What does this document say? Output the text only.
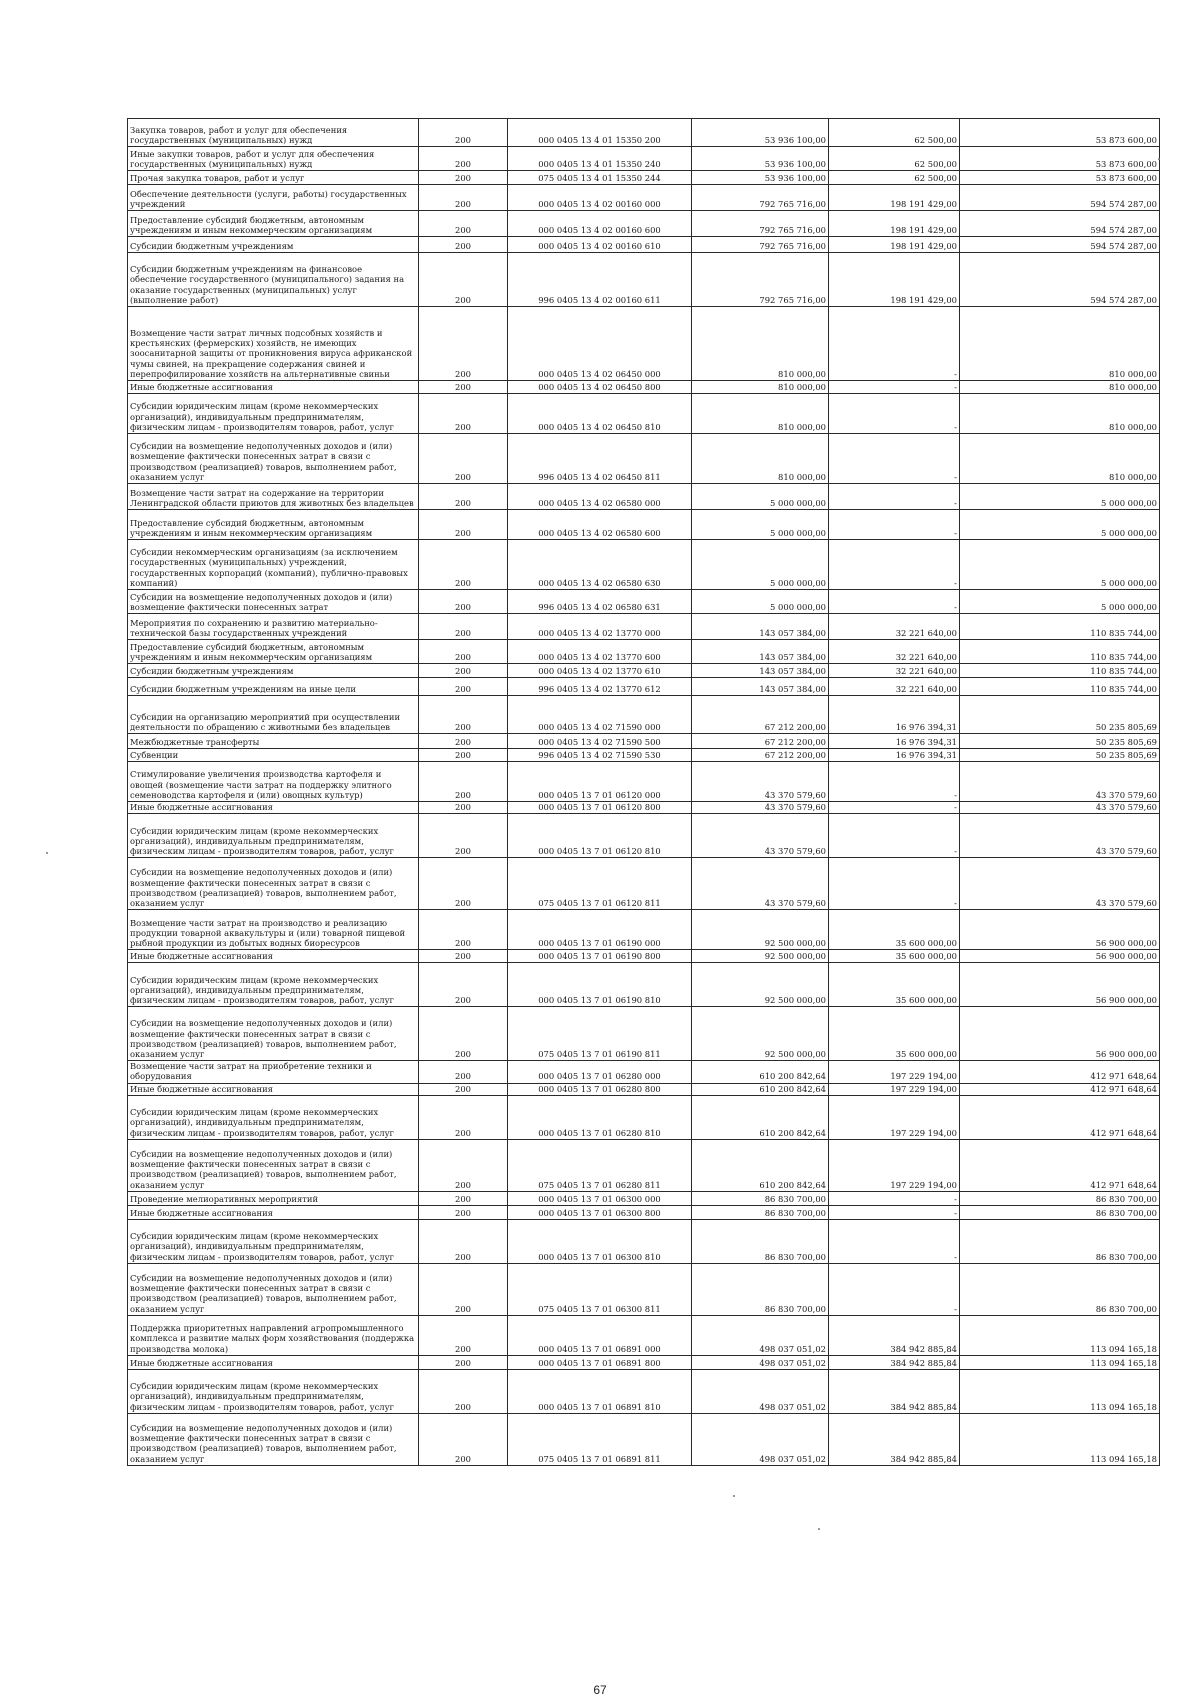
Закупка товаров, работ и услуг для обеспечения государственных (муниципальных) нужд	200	000 0405 13 4 01 15350 200	53 936 100,00	62 500,00	53 873 600,00
Иные закупки товаров, работ и услуг для обеспечения государственных (муниципальных) нужд	200	000 0405 13 4 01 15350 240	53 936 100,00	62 500,00	53 873 600,00
Прочая закупка товаров, работ и услуг	200	075 0405 13 4 01 15350 244	53 936 100,00	62 500,00	53 873 600,00
Обеспечение деятельности (услуги, работы) государственных учреждений	200	000 0405 13 4 02 00160 000	792 765 716,00	198 191 429,00	594 574 287,00
Предоставление субсидий бюджетным, автономным учреждениям и иным некоммерческим организациям	200	000 0405 13 4 02 00160 600	792 765 716,00	198 191 429,00	594 574 287,00
Субсидии бюджетным учреждениям	200	000 0405 13 4 02 00160 610	792 765 716,00	198 191 429,00	594 574 287,00
Субсидии бюджетным учреждениям на финансовое обеспечение государственного (муниципального) задания на оказание государственных (муниципальных) услуг (выполнение работ)	200	996 0405 13 4 02 00160 611	792 765 716,00	198 191 429,00	594 574 287,00
Возмещение части затрат личных подсобных хозяйств и крестьянских (фермерских) хозяйств, не имеющих зоосанитарной защиты от проникновения вируса африканской чумы свиней, на прекращение содержания свиней и перепрофилирование хозяйств на альтернативные свиньи	200	000 0405 13 4 02 06450 000	810 000,00	-	810 000,00
Иные бюджетные ассигнования	200	000 0405 13 4 02 06450 800	810 000,00	-	810 000,00
Субсидии юридическим лицам (кроме некоммерческих организаций), индивидуальным предпринимателям, физическим лицам - производителям товаров, работ, услуг	200	000 0405 13 4 02 06450 810	810 000,00	-	810 000,00
Субсидии на возмещение недополученных доходов и (или) возмещение фактически понесенных затрат в связи с производством (реализацией) товаров, выполнением работ, оказанием услуг	200	996 0405 13 4 02 06450 811	810 000,00	-	810 000,00
Возмещение части затрат на содержание на территории Ленинградской области приютов для животных без владельцев	200	000 0405 13 4 02 06580 000	5 000 000,00	-	5 000 000,00
Предоставление субсидий бюджетным, автономным учреждениям и иным некоммерческим организациям	200	000 0405 13 4 02 06580 600	5 000 000,00	-	5 000 000,00
Субсидии некоммерческим организациям (за исключением государственных (муниципальных) учреждений, государственных корпораций (компаний), публично-правовых компаний)	200	000 0405 13 4 02 06580 630	5 000 000,00	-	5 000 000,00
Субсидии на возмещение недополученных доходов и (или) возмещение фактически понесенных затрат	200	996 0405 13 4 02 06580 631	5 000 000,00	-	5 000 000,00
Мероприятия по сохранению и развитию материально-технической базы государственных учреждений	200	000 0405 13 4 02 13770 000	143 057 384,00	32 221 640,00	110 835 744,00
Предоставление субсидий бюджетным, автономным учреждениям и иным некоммерческим организациям	200	000 0405 13 4 02 13770 600	143 057 384,00	32 221 640,00	110 835 744,00
Субсидии бюджетным учреждениям	200	000 0405 13 4 02 13770 610	143 057 384,00	32 221 640,00	110 835 744,00
Субсидии бюджетным учреждениям на иные цели	200	996 0405 13 4 02 13770 612	143 057 384,00	32 221 640,00	110 835 744,00
Субсидии на организацию мероприятий при осуществлении деятельности по обращению с животными без владельцев	200	000 0405 13 4 02 71590 000	67 212 200,00	16 976 394,31	50 235 805,69
Межбюджетные трансферты	200	000 0405 13 4 02 71590 500	67 212 200,00	16 976 394,31	50 235 805,69
Субвенции	200	996 0405 13 4 02 71590 530	67 212 200,00	16 976 394,31	50 235 805,69
Стимулирование увеличения производства картофеля и овощей (возмещение части затрат на поддержку элитного семеноводства картофеля и (или) овощных культур)	200	000 0405 13 7 01 06120 000	43 370 579,60	-	43 370 579,60
Иные бюджетные ассигнования	200	000 0405 13 7 01 06120 800	43 370 579,60	-	43 370 579,60
Субсидии юридическим лицам (кроме некоммерческих организаций), индивидуальным предпринимателям, физическим лицам - производителям товаров, работ, услуг	200	000 0405 13 7 01 06120 810	43 370 579,60	-	43 370 579,60
Субсидии на возмещение недополученных доходов и (или) возмещение фактически понесенных затрат в связи с производством (реализацией) товаров, выполнением работ, оказанием услуг	200	075 0405 13 7 01 06120 811	43 370 579,60	-	43 370 579,60
Возмещение части затрат на производство и реализацию продукции товарной аквакультуры и (или) товарной пищевой рыбной продукции из добытых водных биоресурсов	200	000 0405 13 7 01 06190 000	92 500 000,00	35 600 000,00	56 900 000,00
Иные бюджетные ассигнования	200	000 0405 13 7 01 06190 800	92 500 000,00	35 600 000,00	56 900 000,00
Субсидии юридическим лицам (кроме некоммерческих организаций), индивидуальным предпринимателям, физическим лицам - производителям товаров, работ, услуг	200	000 0405 13 7 01 06190 810	92 500 000,00	35 600 000,00	56 900 000,00
Субсидии на возмещение недополученных доходов и (или) возмещение фактически понесенных затрат в связи с производством (реализацией) товаров, выполнением работ, оказанием услуг	200	075 0405 13 7 01 06190 811	92 500 000,00	35 600 000,00	56 900 000,00
Возмещение части затрат на приобретение техники и оборудования	200	000 0405 13 7 01 06280 000	610 200 842,64	197 229 194,00	412 971 648,64
Иные бюджетные ассигнования	200	000 0405 13 7 01 06280 800	610 200 842,64	197 229 194,00	412 971 648,64
Субсидии юридическим лицам (кроме некоммерческих организаций), индивидуальным предпринимателям, физическим лицам - производителям товаров, работ, услуг	200	000 0405 13 7 01 06280 810	610 200 842,64	197 229 194,00	412 971 648,64
Субсидии на возмещение недополученных доходов и (или) возмещение фактически понесенных затрат в связи с производством (реализацией) товаров, выполнением работ, оказанием услуг	200	075 0405 13 7 01 06280 811	610 200 842,64	197 229 194,00	412 971 648,64
Проведение мелиоративных мероприятий	200	000 0405 13 7 01 06300 000	86 830 700,00	-	86 830 700,00
Иные бюджетные ассигнования	200	000 0405 13 7 01 06300 800	86 830 700,00	-	86 830 700,00
Субсидии юридическим лицам (кроме некоммерческих организаций), индивидуальным предпринимателям, физическим лицам - производителям товаров, работ, услуг	200	000 0405 13 7 01 06300 810	86 830 700,00	-	86 830 700,00
Субсидии на возмещение недополученных доходов и (или) возмещение фактически понесенных затрат в связи с производством (реализацией) товаров, выполнением работ, оказанием услуг	200	075 0405 13 7 01 06300 811	86 830 700,00	-	86 830 700,00
Поддержка приоритетных направлений агропромышленного комплекса и развитие малых форм хозяйствования (поддержка производства молока)	200	000 0405 13 7 01 06891 000	498 037 051,02	384 942 885,84	113 094 165,18
Иные бюджетные ассигнования	200	000 0405 13 7 01 06891 800	498 037 051,02	384 942 885,84	113 094 165,18
Субсидии юридическим лицам (кроме некоммерческих организаций), индивидуальным предпринимателям, физическим лицам - производителям товаров, работ, услуг	200	000 0405 13 7 01 06891 810	498 037 051,02	384 942 885,84	113 094 165,18
Субсидии на возмещение недополученных доходов и (или) возмещение фактически понесенных затрат в связи с производством (реализацией) товаров, выполнением работ, оказанием услуг	200	075 0405 13 7 01 06891 811	498 037 051,02	384 942 885,84	113 094 165,18
67
